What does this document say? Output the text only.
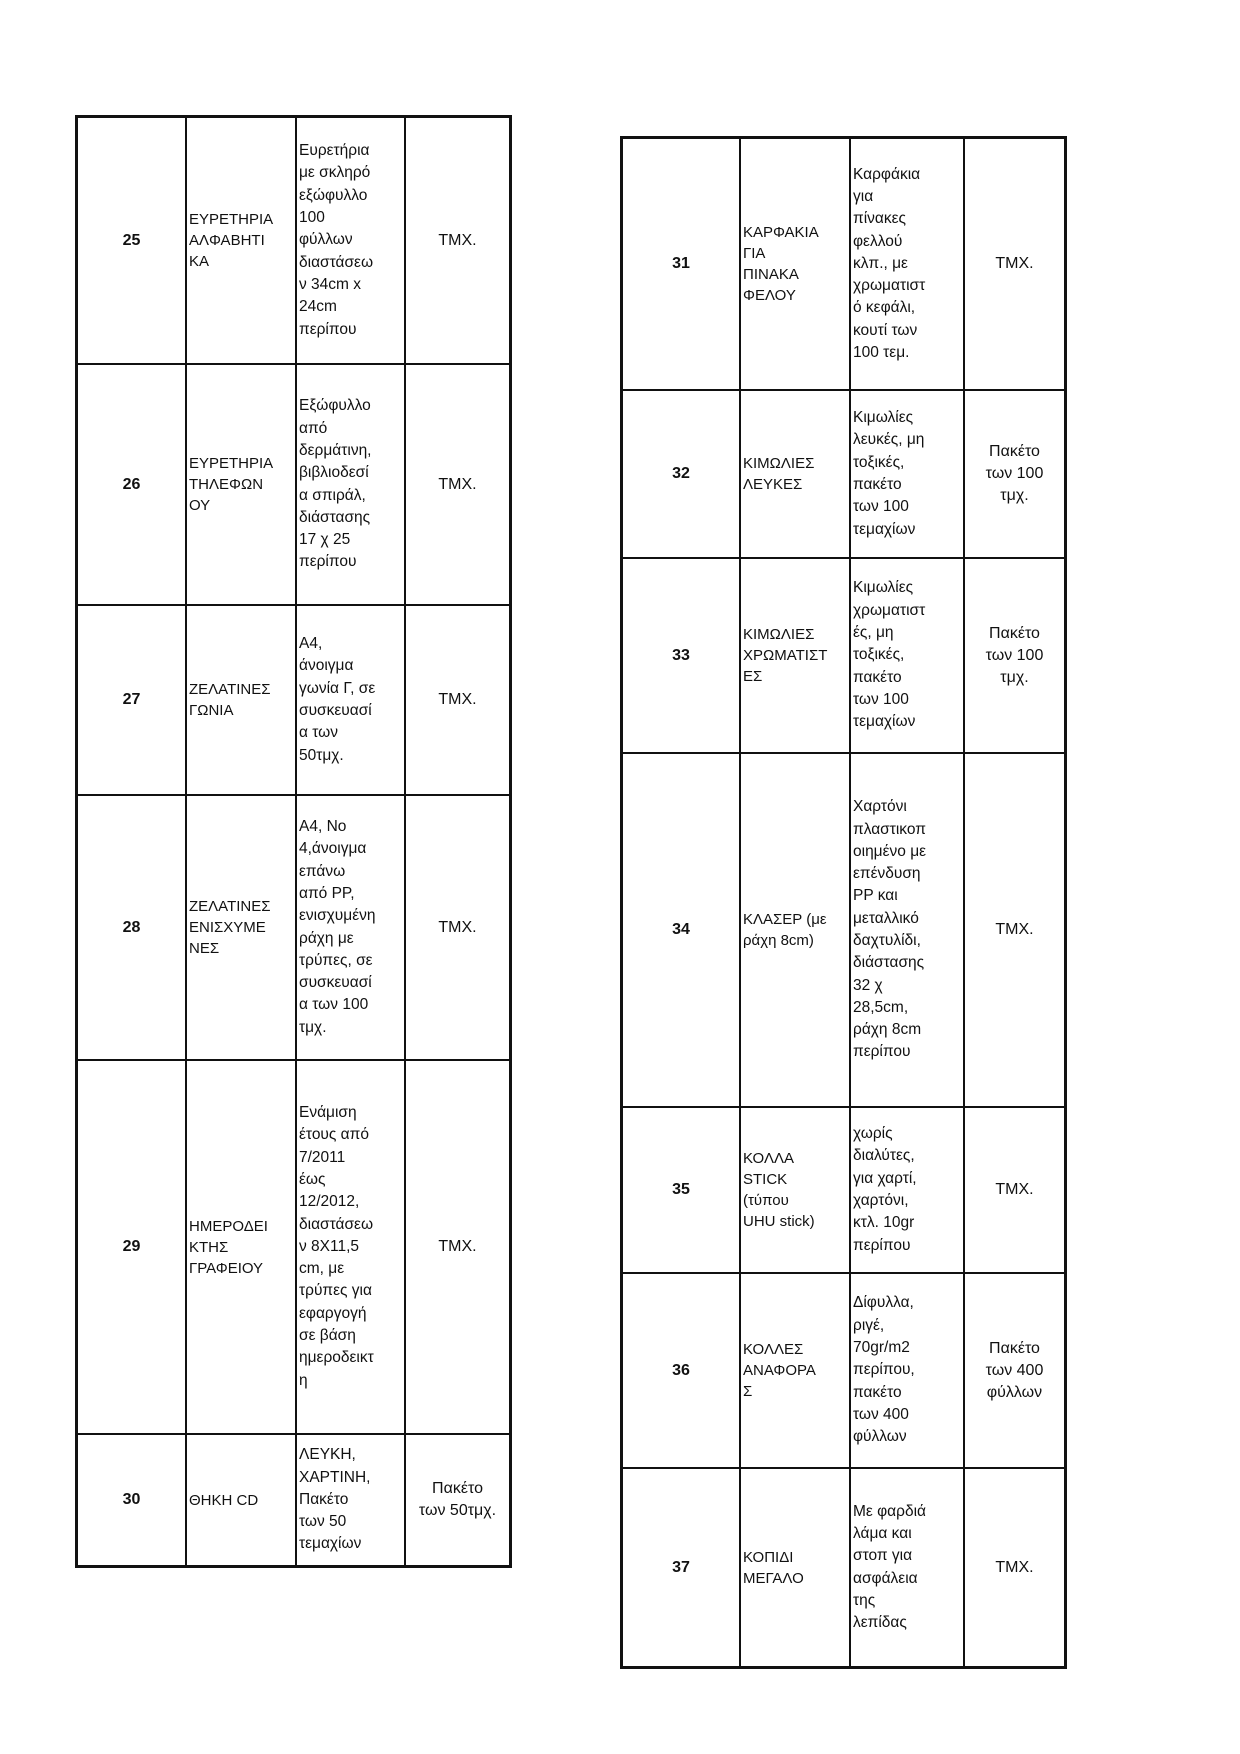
25
ΕΥΡΕΤΗΡΙΑ
ΑΛΦΑΒΗΤΙ
ΚΑ
Ευρετήρια
με σκληρό
εξώφυλλο
100
φύλλων
διαστάσεω
ν 34cm x
24cm
περίπου
ΤΜΧ.
26
ΕΥΡΕΤΗΡΙΑ
ΤΗΛΕΦΩΝ
ΟΥ
Εξώφυλλο
από
δερμάτινη,
βιβλιοδεσί
α σπιράλ,
διάστασης
17 χ 25
περίπου
ΤΜΧ.
27
ΖΕΛΑΤΙΝΕΣ
ΓΩΝΙΑ
Α4,
άνοιγμα
γωνία Γ, σε
συσκευασί
α των
50τμχ.
ΤΜΧ.
28
ΖΕΛΑΤΙΝΕΣ
ΕΝΙΣΧΥΜΕ
ΝΕΣ
Α4, Νο
4,άνοιγμα
επάνω
από PP,
ενισχυμένη
ράχη με
τρύπες, σε
συσκευασί
α των 100
τμχ.
ΤΜΧ.
29
ΗΜΕΡΟΔΕΙ
ΚΤΗΣ
ΓΡΑΦΕΙΟΥ
Ενάμιση
έτους από
7/2011
έως
12/2012,
διαστάσεω
ν 8Χ11,5
cm, με
τρύπες για
εφαργογή
σε βάση
ημεροδεικτ
η
ΤΜΧ.
30	ΘΗΚΗ CD
ΛΕΥΚΗ,
ΧΑΡΤΙΝΗ,
Πακέτο
των 50
τεμαχίων
Πακέτο
των 50τμχ.
31
ΚΑΡΦΑΚΙΑ
ΓΙΑ
ΠΙΝΑΚΑ
ΦΕΛΟΥ
Καρφάκια
για
πίνακες
φελλού
κλπ., με
χρωματιστ
ό κεφάλι,
κουτί των
100 τεμ.
ΤΜΧ.
32
ΚΙΜΩΛΙΕΣ
ΛΕΥΚΕΣ
Κιμωλίες
λευκές, μη
τοξικές,
πακέτο
των 100
τεμαχίων
Πακέτο
των 100
τμχ.
33
ΚΙΜΩΛΙΕΣ
ΧΡΩΜΑΤΙΣΤ
ΕΣ
Κιμωλίες
χρωματιστ
ές, μη
τοξικές,
πακέτο
των 100
τεμαχίων
Πακέτο
των 100
τμχ.
34
ΚΛΑΣΕΡ (με
ράχη 8cm)
Χαρτόνι
πλαστικοπ
οιημένο με
επένδυση
PP και
μεταλλικό
δαχτυλίδι,
διάστασης
32 χ
28,5cm,
ράχη 8cm
περίπου
ΤΜΧ.
35
ΚΟΛΛΑ
STICK
(τύπου
UHU stick)
χωρίς
διαλύτες,
για χαρτί,
χαρτόνι,
κτλ. 10gr
περίπου
ΤΜΧ.
36
ΚΟΛΛΕΣ
ΑΝΑΦΟΡΑ
Σ
Δίφυλλα,
ριγέ,
70gr/m2
περίπου,
πακέτο
των 400
φύλλων
Πακέτο
των 400
φύλλων
37
ΚΟΠΙΔΙ
ΜΕΓΑΛΟ
Με φαρδιά
λάμα και
στοπ για
ασφάλεια
της
λεπίδας
ΤΜΧ.
